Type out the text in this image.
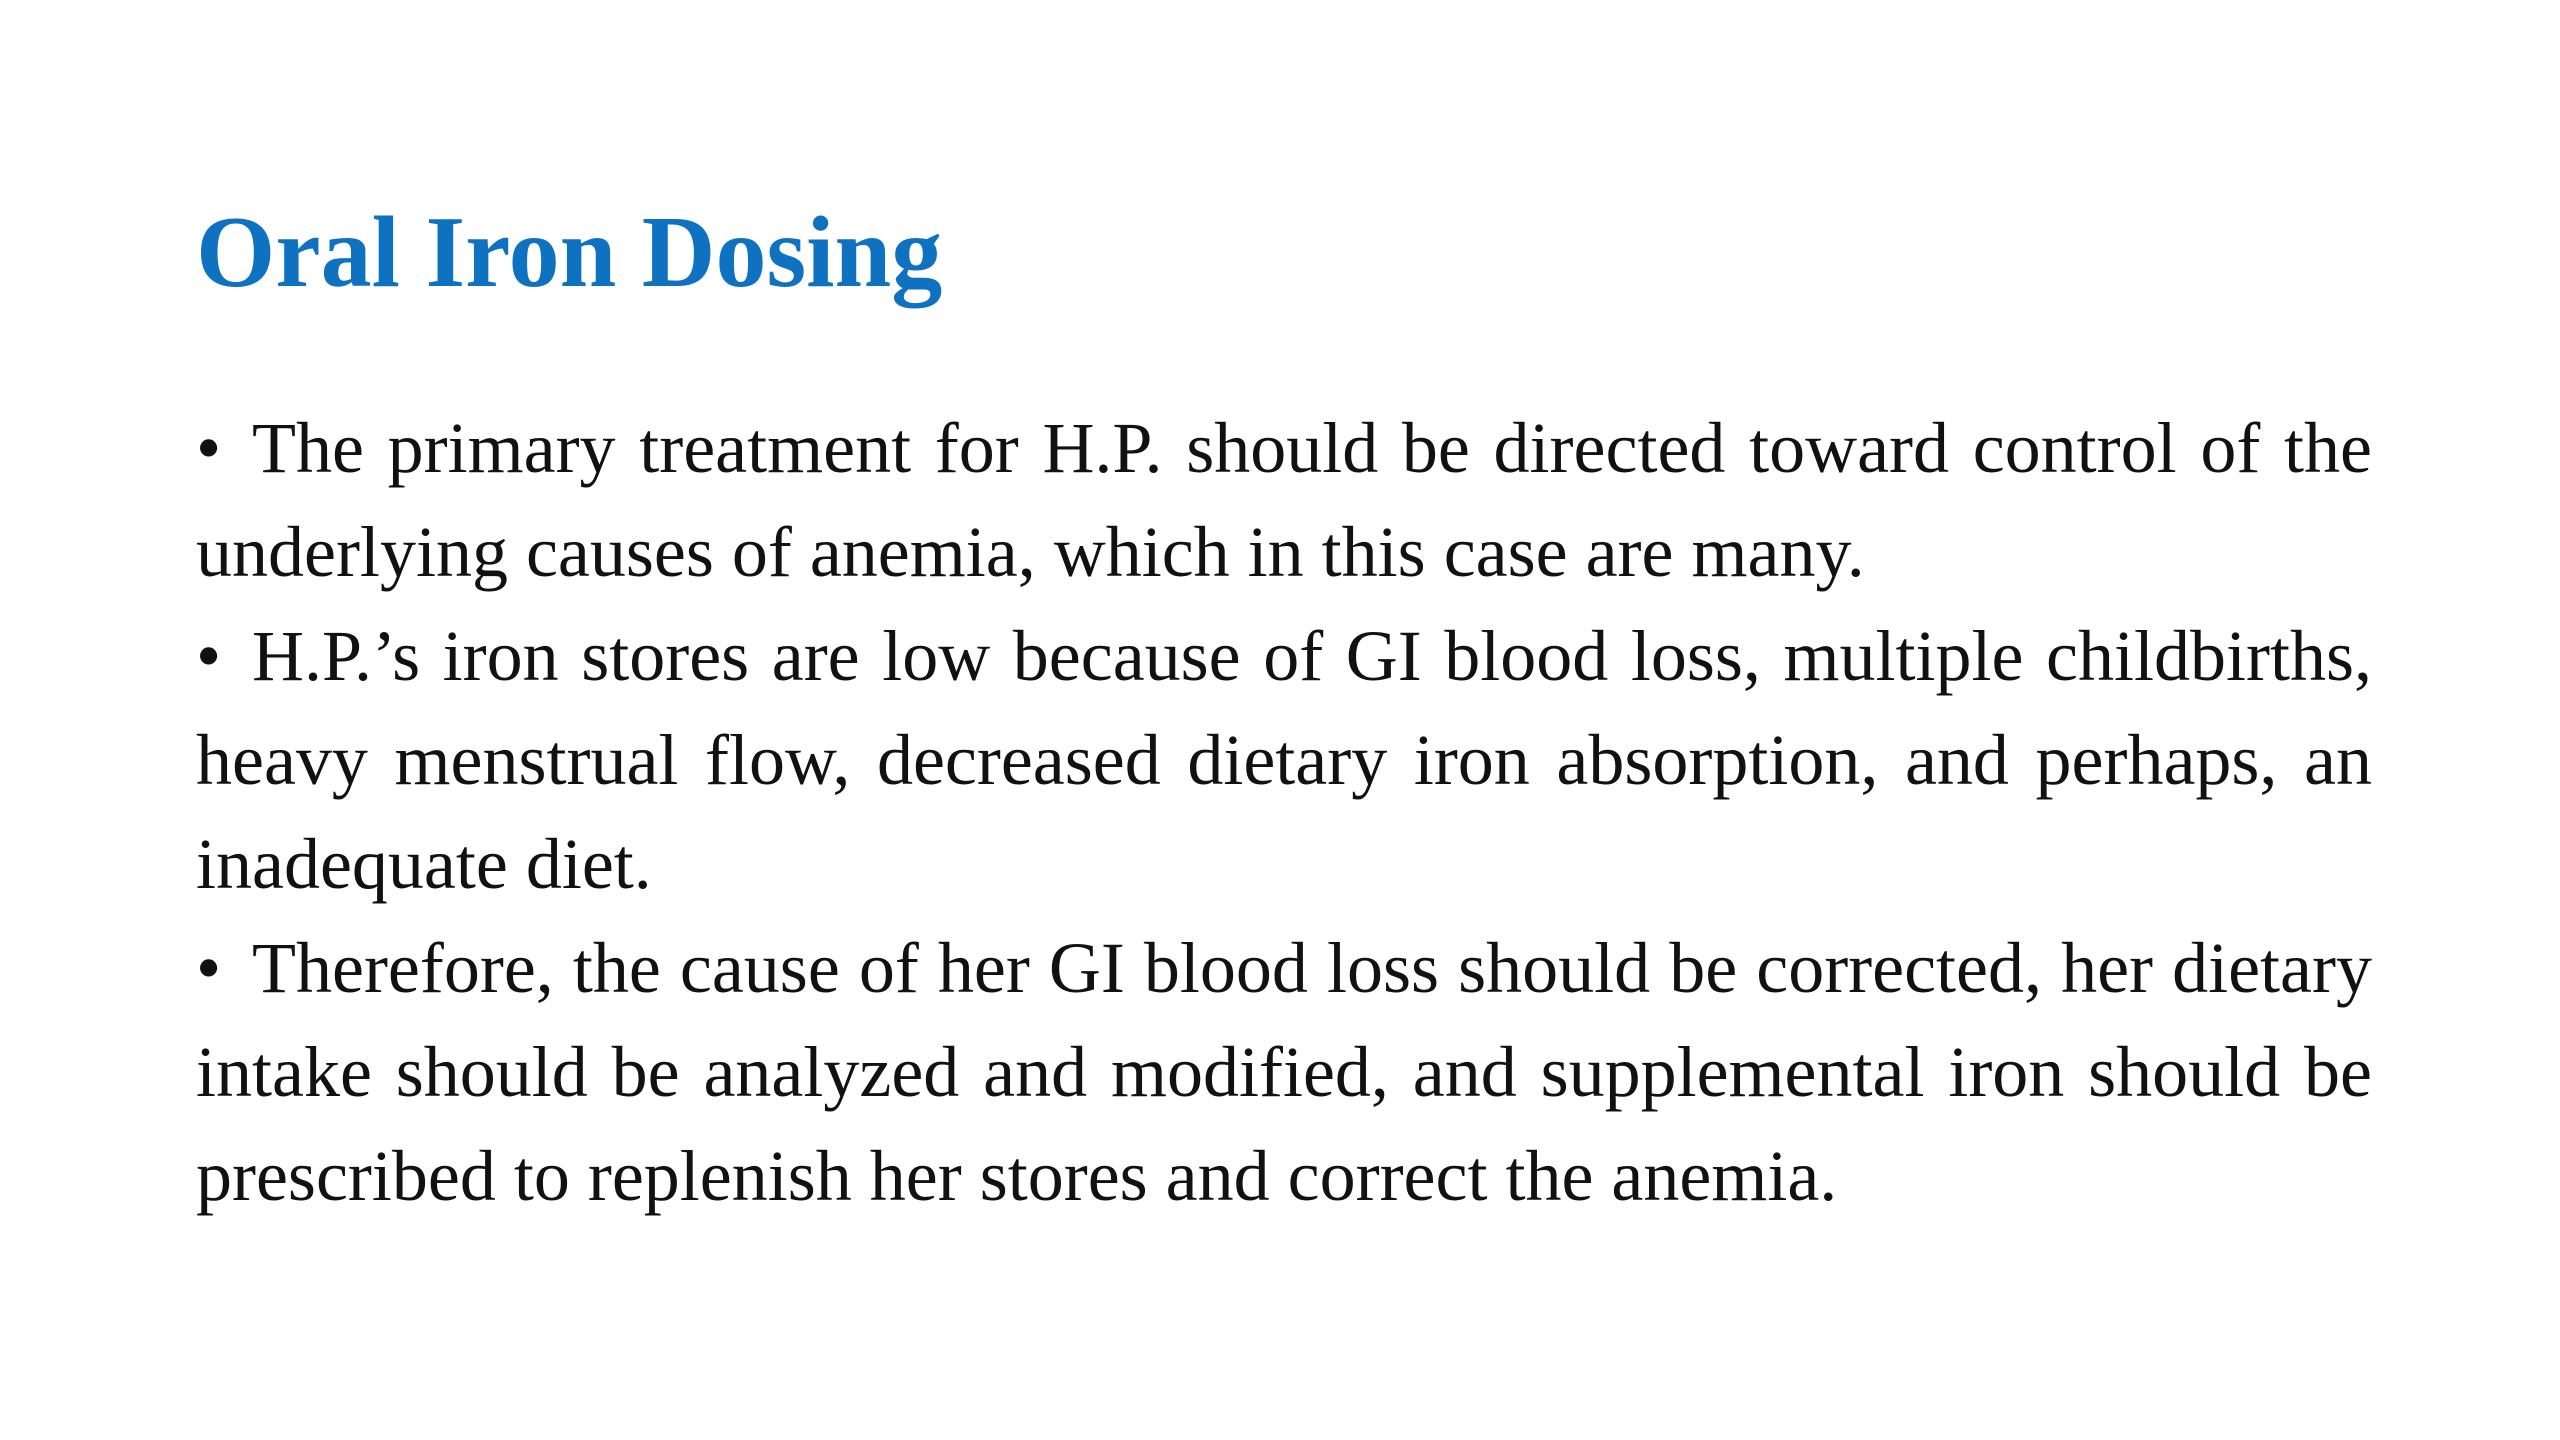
Oral Iron Dosing
• The primary treatment for H.P. should be directed toward control of the underlying causes of anemia, which in this case are many.
• H.P.’s iron stores are low because of GI blood loss, multiple childbirths, heavy menstrual flow, decreased dietary iron absorption, and perhaps, an inadequate diet.
• Therefore, the cause of her GI blood loss should be corrected, her dietary intake should be analyzed and modified, and supplemental iron should be prescribed to replenish her stores and correct the anemia.
